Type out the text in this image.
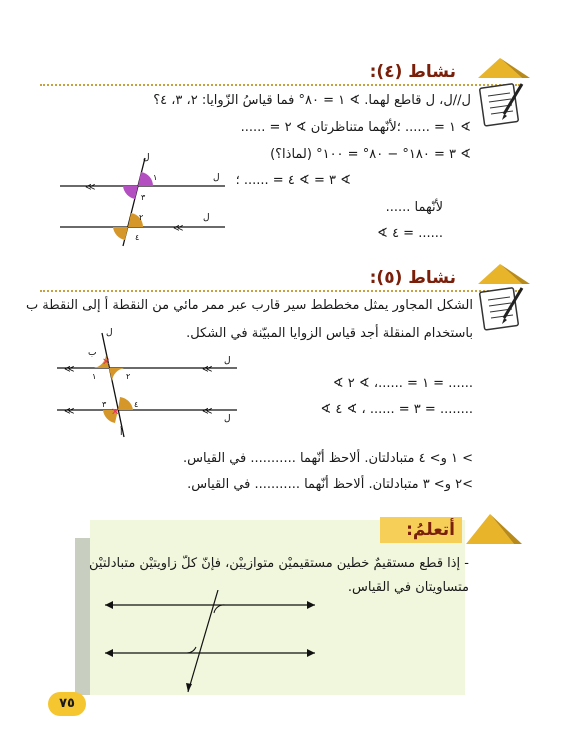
نشاط (٤):
ل∕∕ل، ل قاطع لهما. ∢ ١ = ٨٠° فما قياسُ الزّوايا: ٢، ٣، ٤؟
∢ ١ = ...... ؛لأنّهما متناظرتان ∢ ٢ = ......
∢ ٣ = ١٨٠° − ٨٠° = ١٠٠° (لماذا؟)
∢ ٣ = ∢ ٤ = ...... ؛
لأنّهما ......
∢ ٤ = ......
≪
≪
ل
ل
ل
١
٣
٢
٤
نشاط (٥):
الشكل المجاور يمثل مخططط سير قارب عبر ممر مائي من النقطة أ إلى النقطة ب
باستخدام المنقلة أجد قياس الزوايا المبيّنة في الشكل.
∢ ١ = ......، ∢ ٢ = ......
∢ ٣ = ...... ، ∢ ٤ = ........
> ١ و> ٤ متبادلتان. ألاحظ أنّهما ........... في القياس.
>٢ و> ٣ متبادلتان. ألاحظ أنّهما ........... في القياس.
≪	≪
≪	≪
✕
✕
ب
أ
ل
ل
ل
١	٢
٣	٤
أتعلمُ:
- إذا قطع مستقيمٌ خطين مستقيميْن متوازييْن، فإنّ كلّ زاويتيْن متبادلتيْن
متساويتان في القياس.
٧٥
